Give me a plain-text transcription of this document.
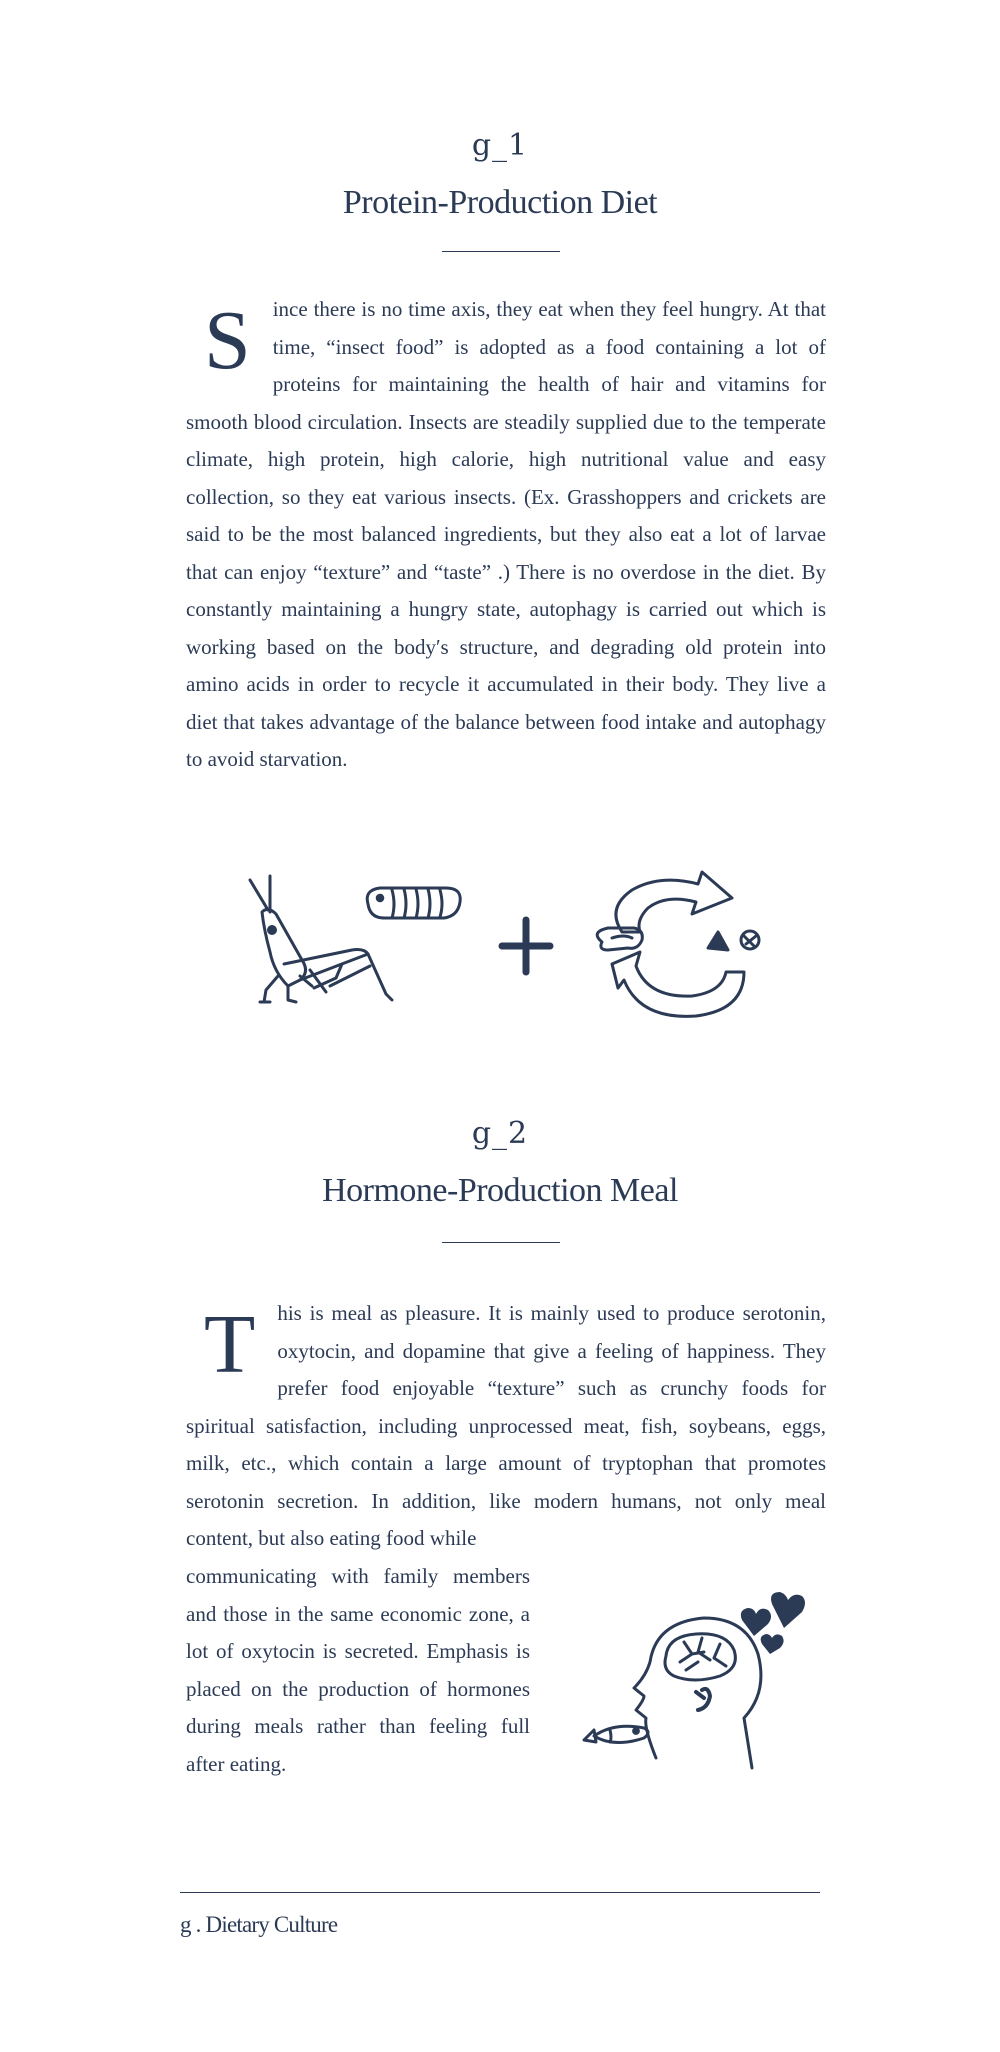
g_1
Protein-Production Diet
S ince there is no time axis, they eat when they feel hungry. At that time, “insect food” is adopted as a food containing a lot of proteins for maintaining the health of hair and vitamins for smooth blood circulation. Insects are steadily supplied due to the temperate climate, high protein, high calorie, high nutritional value and easy collection, so they eat various insects. (Ex. Grasshoppers and crickets are said to be the most balanced ingredients, but they also eat a lot of larvae that can enjoy “texture” and “taste” .) There is no overdose in the diet. By constantly maintaining a hungry state, autophagy is carried out which is working based on the body′s structure, and degrading old protein into amino acids in order to recycle it accumulated in their body. They live a diet that takes advantage of the balance between food intake and autophagy to avoid starvation.
g_2
Hormone-Production Meal
T his is meal as pleasure. It is mainly used to produce serotonin, oxytocin, and dopamine that give a feeling of happiness. They prefer food enjoyable “texture” such as crunchy foods for spiritual satisfaction, including unprocessed meat, fish, soybeans, eggs, milk, etc., which contain a large amount of tryptophan that promotes serotonin secretion. In addition, like modern humans, not only meal content, but also eating food while
communicating with family members and those in the same economic zone, a lot of oxytocin is secreted. Emphasis is placed on the production of hormones during meals rather than feeling full after eating.
g . Dietary Culture
